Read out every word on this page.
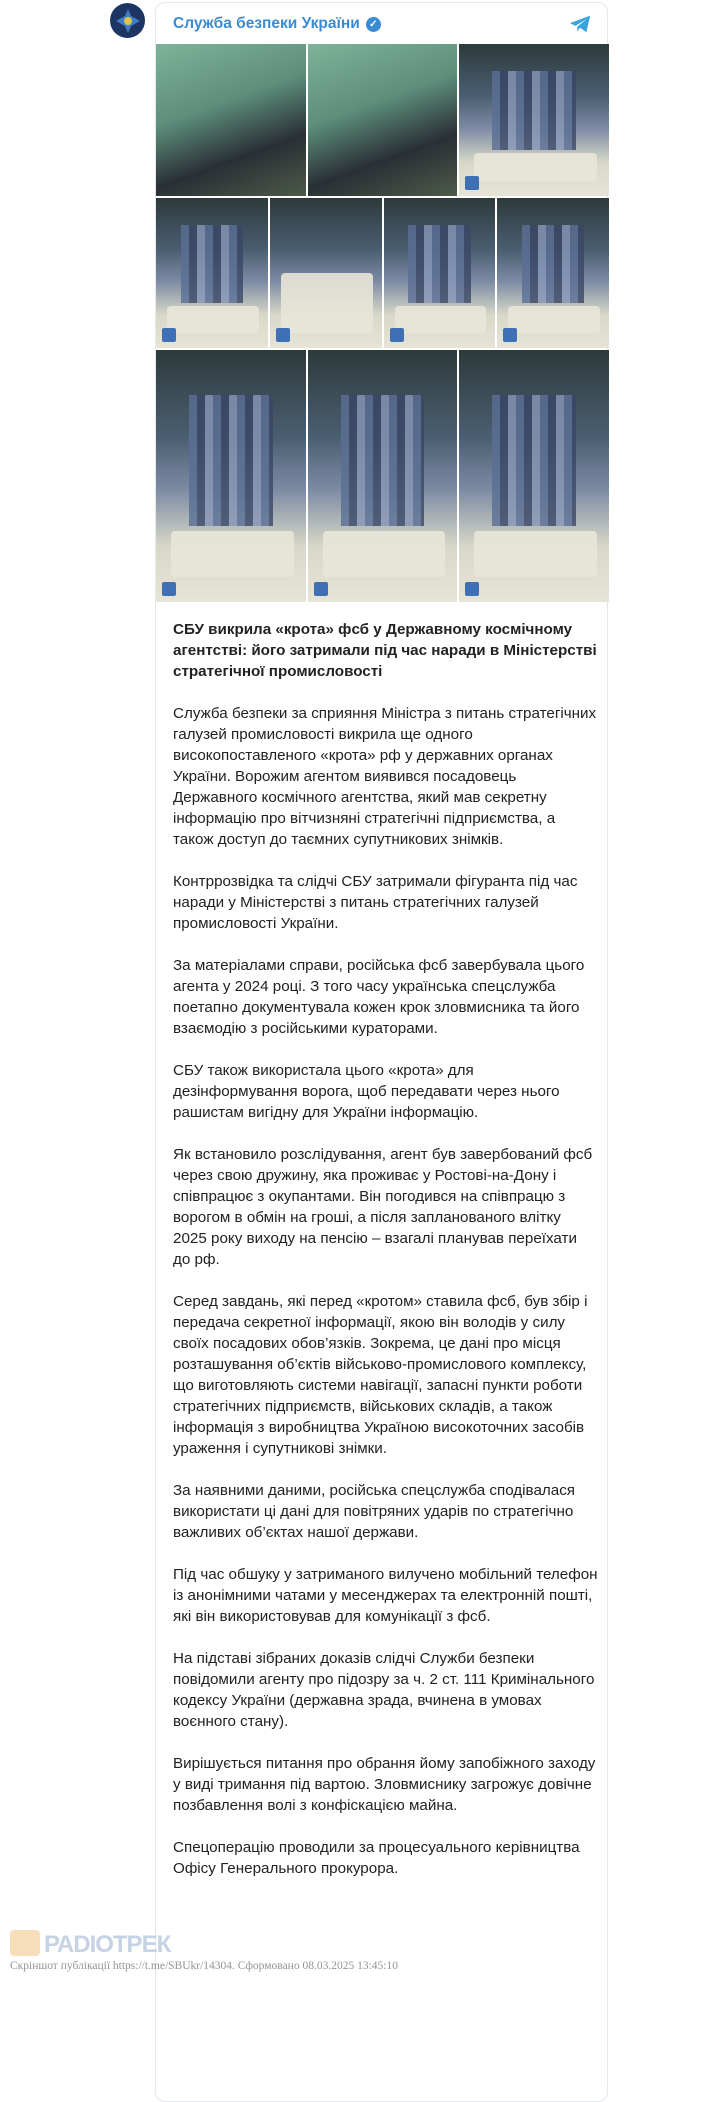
Служба безпеки України ✓
СБУ викрила «крота» фсб у Державному космічному агентстві: його затримали під час наради в Міністерстві стратегічної промисловості

Служба безпеки за сприяння Міністра з питань стратегічних галузей промисловості викрила ще одного високопоставленого «крота» рф у державних органах України. Ворожим агентом виявився посадовець Державного космічного агентства, який мав секретну інформацію про вітчизняні стратегічні підприємства, а також доступ до таємних супутникових знімків.

Контррозвідка та слідчі СБУ затримали фігуранта під час наради у Міністерстві з питань стратегічних галузей промисловості України.

За матеріалами справи, російська фсб завербувала цього агента у 2024 році. З того часу українська спецслужба поетапно документувала кожен крок зловмисника та його взаємодію з російськими кураторами.

СБУ також використала цього «крота» для дезінформування ворога, щоб передавати через нього рашистам вигідну для України інформацію.

Як встановило розслідування, агент був завербований фсб через свою дружину, яка проживає у Ростові-на-Дону і співпрацює з окупантами. Він погодився на співпрацю з ворогом в обмін на гроші, а після запланованого влітку 2025 року виходу на пенсію – взагалі планував переїхати до рф.

Серед завдань, які перед «кротом» ставила фсб, був збір і передача секретної інформації, якою він володів у силу своїх посадових обов’язків. Зокрема, це дані про місця розташування об’єктів військово-промислового комплексу, що виготовляють системи навігації, запасні пункти роботи стратегічних підприємств, військових складів, а також інформація з виробництва Україною високоточних засобів ураження і супутникові знімки.

За наявними даними, російська спецслужба сподівалася використати ці дані для повітряних ударів по стратегічно важливих об’єктах нашої держави.

Під час обшуку у затриманого вилучено мобільний телефон із анонімними чатами у месенджерах та електронній пошті, які він використовував для комунікації з фсб.

На підставі зібраних доказів слідчі Служби безпеки повідомили агенту про підозру за ч. 2 ст. 111 Кримінального кодексу України (державна зрада, вчинена в умовах воєнного стану).

Вирішується питання про обрання йому запобіжного заходу у виді тримання під вартою. Зловмиснику загрожує довічне позбавлення волі з конфіскацією майна.

Спецоперацію проводили за процесуального керівництва Офісу Генерального прокурора.

РАDIOТРЕК
Скріншот публікації https://t.me/SBUkr/14304. Сформовано 08.03.2025 13:45:10
